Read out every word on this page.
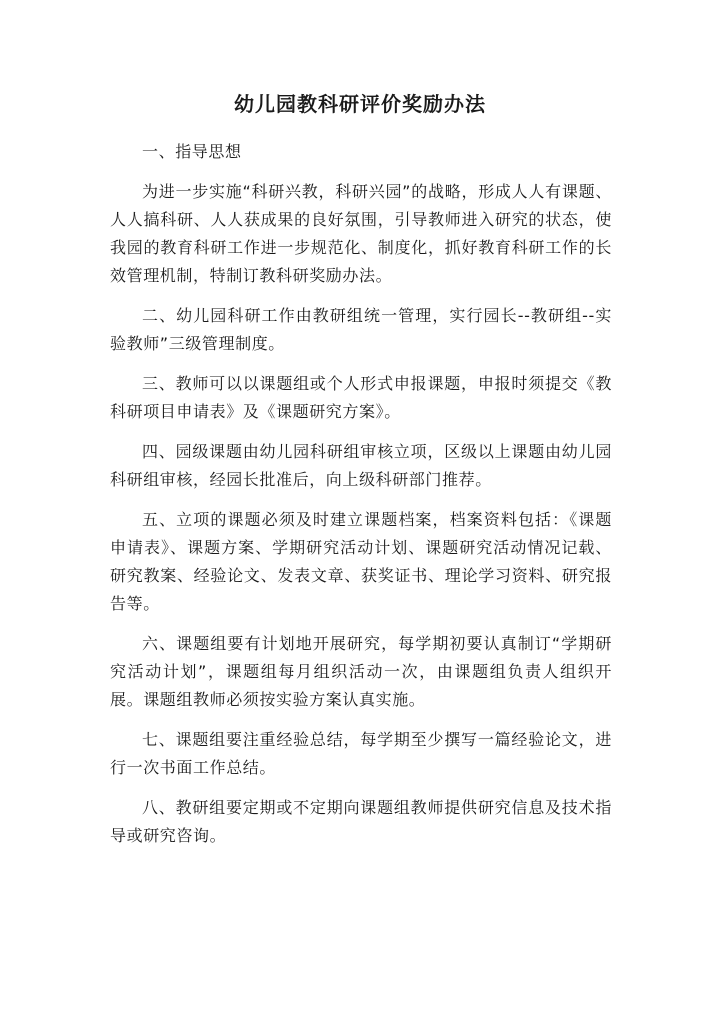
幼儿园教科研评价奖励办法

一、指导思想

为进一步实施“科研兴教，科研兴园”的战略，形成人人有课题、人人搞科研、人人获成果的良好氛围，引导教师进入研究的状态，使我园的教育科研工作进一步规范化、制度化，抓好教育科研工作的长效管理机制，特制订教科研奖励办法。

二、幼儿园科研工作由教研组统一管理，实行园长--教研组--实验教师”三级管理制度。

三、教师可以以课题组或个人形式申报课题，申报时须提交《教科研项目申请表》及《课题研究方案》。

四、园级课题由幼儿园科研组审核立项，区级以上课题由幼儿园科研组审核，经园长批准后，向上级科研部门推荐。

五、立项的课题必须及时建立课题档案，档案资料包括：《课题申请表》、课题方案、学期研究活动计划、课题研究活动情况记载、研究教案、经验论文、发表文章、获奖证书、理论学习资料、研究报告等。

六、课题组要有计划地开展研究，每学期初要认真制订“学期研究活动计划”，课题组每月组织活动一次，由课题组负责人组织开展。课题组教师必须按实验方案认真实施。

七、课题组要注重经验总结，每学期至少撰写一篇经验论文，进行一次书面工作总结。

八、教研组要定期或不定期向课题组教师提供研究信息及技术指导或研究咨询。
